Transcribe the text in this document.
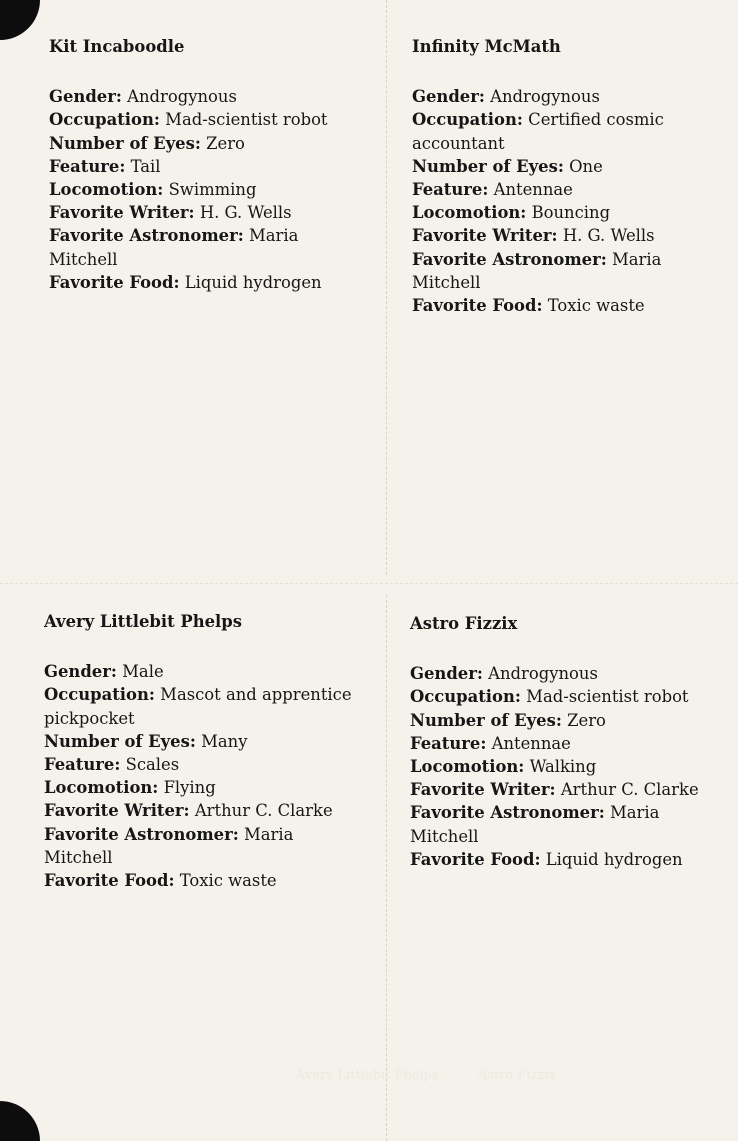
Avery Littlebit Phelps	Astro Fizzix

Kit Incaboodle

Gender: Androgynous

Occupation: Mad-scientist robot

Number of Eyes: Zero

Feature: Tail

Locomotion: Swimming

Favorite Writer: H. G. Wells

Favorite Astronomer: Maria Mitchell

Favorite Food: Liquid hydrogen

Infinity McMath

Gender: Androgynous

Occupation: Certified cosmic accountant

Number of Eyes: One

Feature: Antennae

Locomotion: Bouncing

Favorite Writer: H. G. Wells

Favorite Astronomer: Maria Mitchell

Favorite Food: Toxic waste

Avery Littlebit Phelps

Gender: Male

Occupation: Mascot and apprentice pickpocket

Number of Eyes: Many

Feature: Scales

Locomotion: Flying

Favorite Writer: Arthur C. Clarke

Favorite Astronomer: Maria Mitchell

Favorite Food: Toxic waste

Astro Fizzix

Gender: Androgynous

Occupation: Mad-scientist robot

Number of Eyes: Zero

Feature: Antennae

Locomotion: Walking

Favorite Writer: Arthur C. Clarke

Favorite Astronomer: Maria Mitchell

Favorite Food: Liquid hydrogen
